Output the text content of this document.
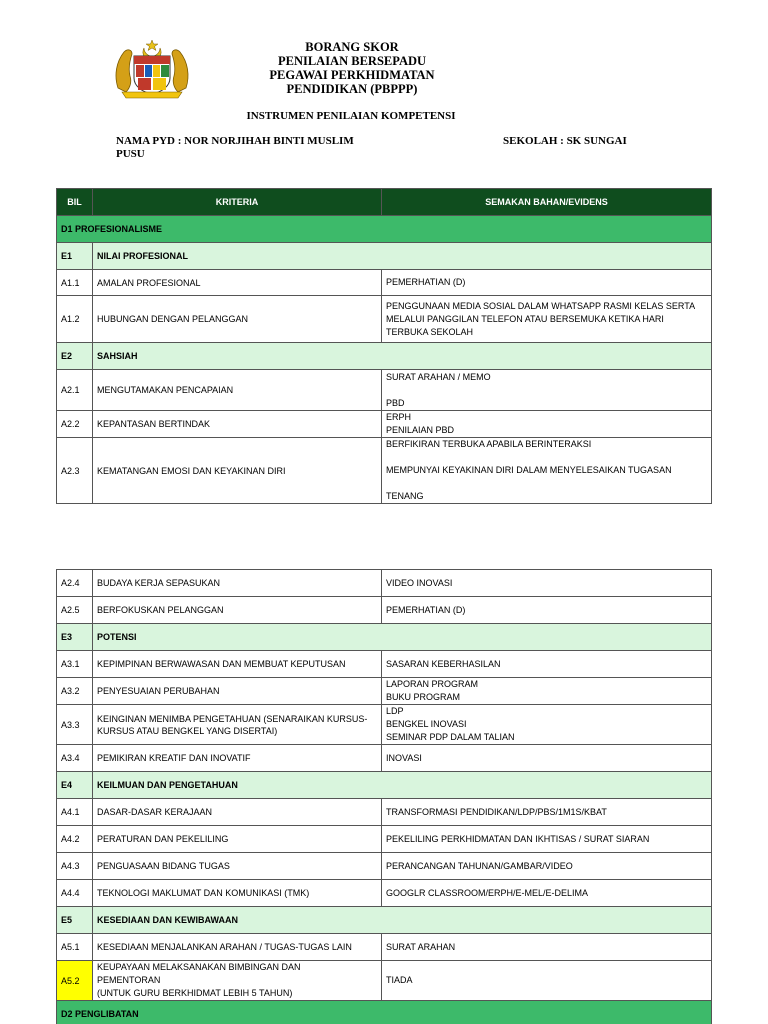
BORANG SKOR
PENILAIAN BERSEPADU
PEGAWAI PERKHIDMATAN
PENDIDIKAN (PBPPP)
INSTRUMEN PENILAIAN KOMPETENSI
NAMA PYD : NOR NORJIHAH BINTI MUSLIM
PUSU
SEKOLAH : SK SUNGAI
BIL	KRITERIA	SEMAKAN BAHAN/EVIDENS
D1 PROFESIONALISME		
E1	NILAI PROFESIONAL	
A1.1	AMALAN PROFESIONAL	PEMERHATIAN (D)

A1.2	HUBUNGAN DENGAN PELANGGAN	PENGGUNAAN MEDIA SOSIAL DALAM WHATSAPP RASMI KELAS SERTA
MELALUI PANGGILAN TELEFON ATAU BERSEMUKA KETIKA HARI
TERBUKA SEKOLAH

E2	SAHSIAH	
A2.1	MENGUTAMAKAN PENCAPAIAN	SURAT ARAHAN / MEMO

PBD

A2.2	KEPANTASAN BERTINDAK	ERPH
PENILAIAN PBD

A2.3	KEMATANGAN EMOSI DAN KEYAKINAN DIRI	BERFIKIRAN TERBUKA APABILA BERINTERAKSI

MEMPUNYAI KEYAKINAN DIRI DALAM MENYELESAIKAN TUGASAN

TENANG
A2.4	BUDAYA KERJA SEPASUKAN	VIDEO INOVASI

A2.5	BERFOKUSKAN PELANGGAN	PEMERHATIAN (D)

E3	POTENSI	
A3.1	KEPIMPINAN BERWAWASAN DAN MEMBUAT KEPUTUSAN	SASARAN KEBERHASILAN

A3.2	PENYESUAIAN PERUBAHAN	LAPORAN PROGRAM
BUKU PROGRAM

A3.3	KEINGINAN MENIMBA PENGETAHUAN (SENARAIKAN KURSUS-KURSUS ATAU BENGKEL YANG DISERTAI)	LDP
BENGKEL INOVASI
SEMINAR PDP DALAM TALIAN

A3.4	PEMIKIRAN KREATIF DAN INOVATIF	INOVASI

E4	KEILMUAN DAN PENGETAHUAN	
A4.1	DASAR-DASAR KERAJAAN	TRANSFORMASI PENDIDIKAN/LDP/PBS/1M1S/KBAT

A4.2	PERATURAN DAN PEKELILING	PEKELILING PERKHIDMATAN DAN IKHTISAS / SURAT SIARAN

A4.3	PENGUASAAN BIDANG TUGAS	PERANCANGAN TAHUNAN/GAMBAR/VIDEO

A4.4	TEKNOLOGI MAKLUMAT DAN KOMUNIKASI (TMK)	GOOGLR CLASSROOM/ERPH/E-MEL/E-DELIMA

E5	KESEDIAAN DAN KEWIBAWAAN	
A5.1	KESEDIAAN MENJALANKAN ARAHAN / TUGAS-TUGAS LAIN	SURAT ARAHAN

A5.2	KEUPAYAAN MELAKSANAKAN BIMBINGAN DAN
PEMENTORAN
(UNTUK GURU BERKHIDMAT LEBIH 5 TAHUN)	TIADA

D2 PENGLIBATAN		
